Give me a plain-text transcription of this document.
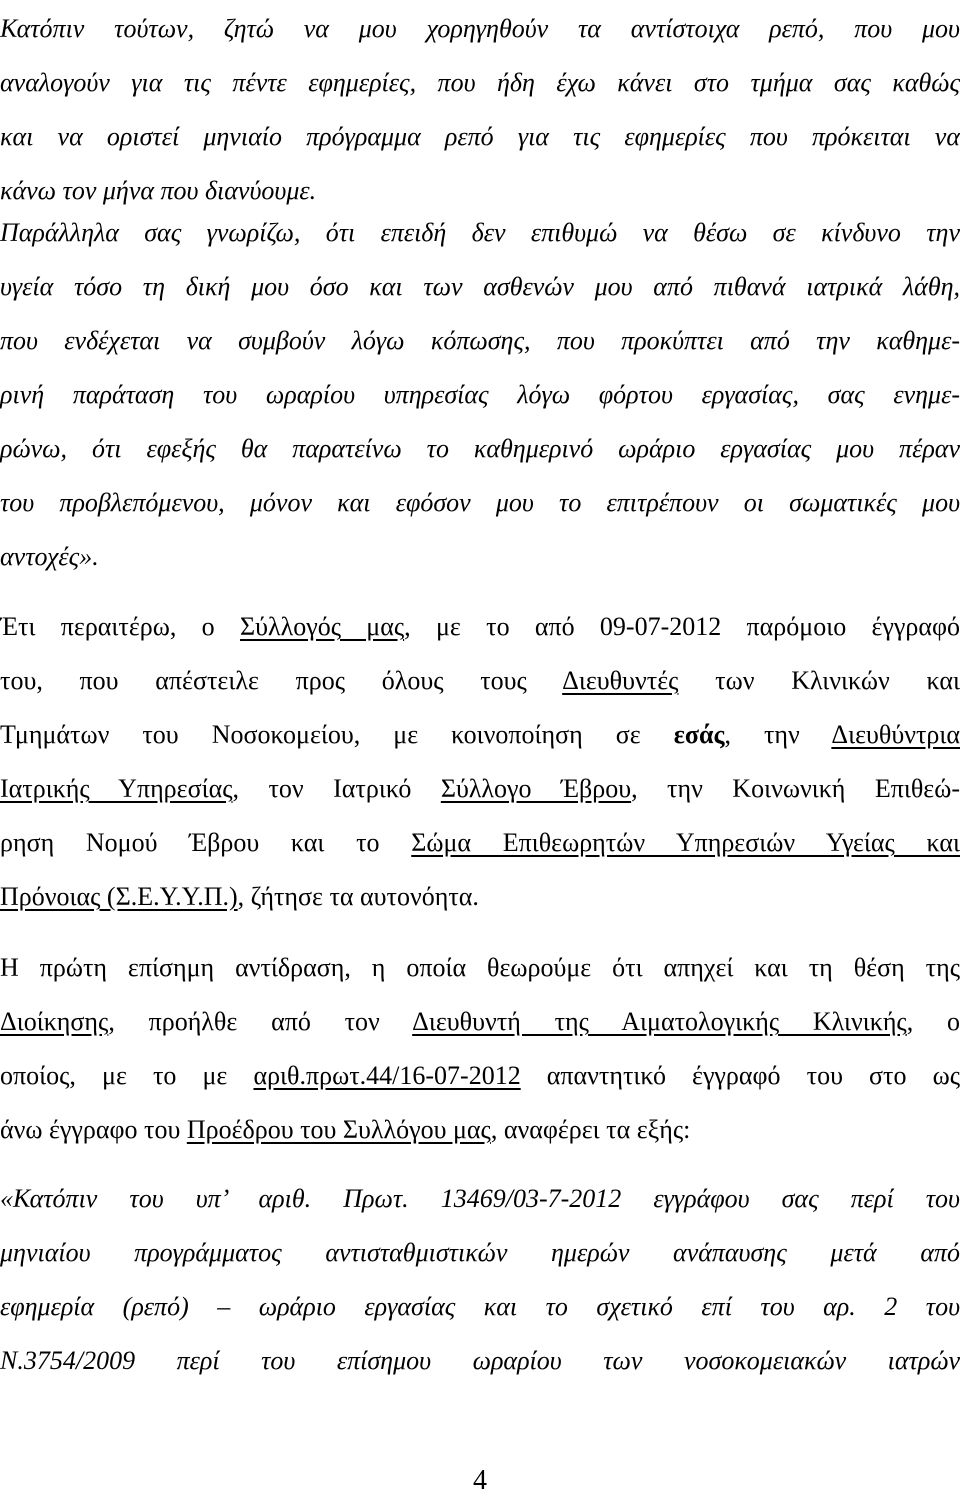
Κατόπιν τούτων, ζητώ να μου χορηγηθούν τα αντίστοιχα ρεπό, που μου
αναλογούν για τις πέντε εφημερίες, που ήδη έχω κάνει στο τμήμα σας καθώς
και να οριστεί μηνιαίο πρόγραμμα ρεπό για τις εφημερίες που πρόκειται να
κάνω τον μήνα που διανύουμε.
Παράλληλα σας γνωρίζω, ότι επειδή δεν επιθυμώ να θέσω σε κίνδυνο την
υγεία τόσο τη δική μου όσο και των ασθενών μου από πιθανά ιατρικά λάθη,
που ενδέχεται να συμβούν λόγω κόπωσης, που προκύπτει από την καθημε-
ρινή παράταση του ωραρίου υπηρεσίας λόγω φόρτου εργασίας, σας ενημε-
ρώνω, ότι εφεξής θα παρατείνω το καθημερινό ωράριο εργασίας μου πέραν
του προβλεπόμενου, μόνον και εφόσον μου το επιτρέπουν οι σωματικές μου
αντοχές».
Έτι περαιτέρω, ο Σύλλογός μας, με το από 09-07-2012 παρόμοιο έγγραφό
του, που απέστειλε προς όλους τους Διευθυντές των Κλινικών και
Τμημάτων του Νοσοκομείου, με κοινοποίηση σε εσάς, την Διευθύντρια
Ιατρικής Υπηρεσίας, τον Ιατρικό Σύλλογο Έβρου, την Κοινωνική Επιθεώ-
ρηση Νομού Έβρου και το Σώμα Επιθεωρητών Υπηρεσιών Υγείας και
Πρόνοιας (Σ.Ε.Υ.Υ.Π.), ζήτησε τα αυτονόητα.
Η πρώτη επίσημη αντίδραση, η οποία θεωρούμε ότι απηχεί και τη θέση της
Διοίκησης, προήλθε από τον Διευθυντή της Αιματολογικής Κλινικής, ο
οποίος, με το με αριθ.πρωτ.44/16-07-2012 απαντητικό έγγραφό του στο ως
άνω έγγραφο του Προέδρου του Συλλόγου μας, αναφέρει τα εξής:
«Κατόπιν του υπ’ αριθ. Πρωτ. 13469/03-7-2012 εγγράφου σας περί του
μηνιαίου προγράμματος αντισταθμιστικών ημερών ανάπαυσης μετά από
εφημερία (ρεπό) – ωράριο εργασίας και το σχετικό επί του αρ. 2 του
Ν.3754/2009 περί του επίσημου ωραρίου των νοσοκομειακών ιατρών
4
